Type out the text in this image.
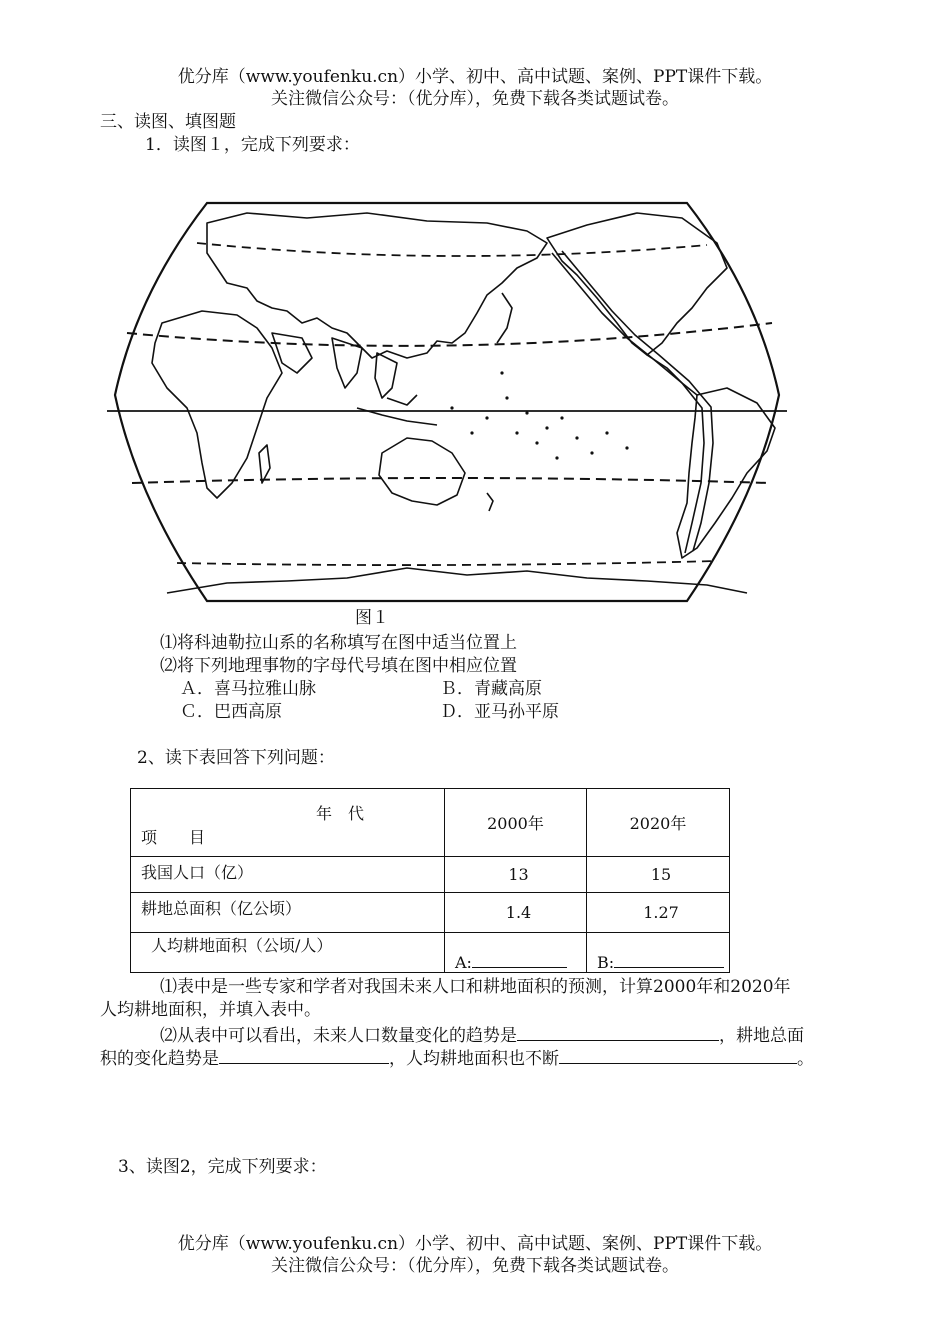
优分库（www.youfenku.cn）小学、初中、高中试题、案例、PPT课件下载。
关注微信公众号：（优分库），免费下载各类试题试卷。
三、读图、填图题
1．读图１，完成下列要求：
图１
⑴将科迪勒拉山系的名称填写在图中适当位置上
⑵将下列地理事物的字母代号填在图中相应位置
Ａ．喜马拉雅山脉	Ｂ．青藏高原
Ｃ．巴西高原	Ｄ．亚马孙平原
2、读下表回答下列问题：
年　代
项　　目	2000年	2020年
我国人口（亿）	13	15
耕地总面积（亿公顷）	1.4	1.27
人均耕地面积（公顷/人）	A:	B:
⑴表中是一些专家和学者对我国未来人口和耕地面积的预测，计算2000年和2020年
人均耕地面积，并填入表中。
⑵从表中可以看出，未来人口数量变化的趋势是	，耕地总面
积的变化趋势是	，人均耕地面积也不断	。
3、读图2，完成下列要求：
优分库（www.youfenku.cn）小学、初中、高中试题、案例、PPT课件下载。
关注微信公众号：（优分库），免费下载各类试题试卷。
